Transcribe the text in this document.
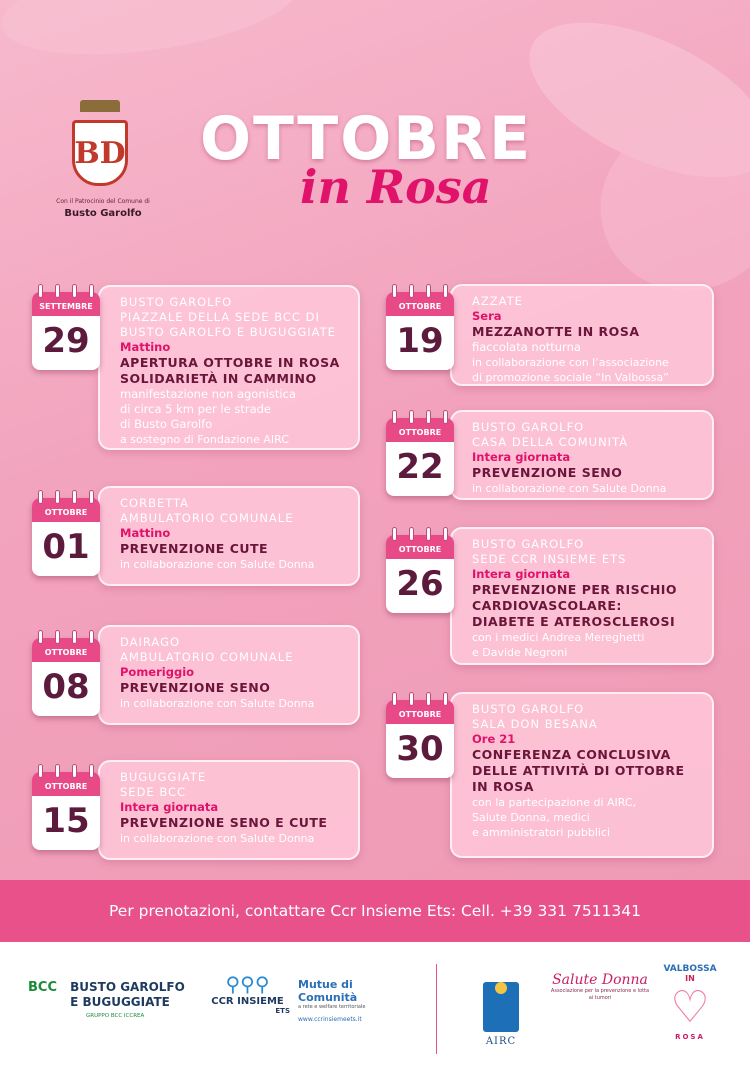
BD
Con il Patrocinio del Comune di
Busto Garolfo
OTTOBRE
in Rosa
BUSTO GAROLFO
PIAZZALE DELLA SEDE BCC DI
BUSTO GAROLFO E BUGUGGIATE
Mattino
APERTURA OTTOBRE IN ROSA
SOLIDARIETÀ IN CAMMINO
manifestazione non agonistica
di circa 5 km per le strade
di Busto Garolfo
a sostegno di Fondazione AIRC
SETTEMBRE
29
CORBETTA
AMBULATORIO COMUNALE
Mattino
PREVENZIONE CUTE
in collaborazione con Salute Donna
OTTOBRE
01
DAIRAGO
AMBULATORIO COMUNALE
Pomeriggio
PREVENZIONE SENO
in collaborazione con Salute Donna
OTTOBRE
08
BUGUGGIATE
SEDE BCC
Intera giornata
PREVENZIONE SENO E CUTE
in collaborazione con Salute Donna
OTTOBRE
15
AZZATE
Sera
MEZZANOTTE IN ROSA
fiaccolata notturna
in collaborazione con l’associazione
di promozione sociale “In Valbossa”
OTTOBRE
19
BUSTO GAROLFO
CASA DELLA COMUNITÀ
Intera giornata
PREVENZIONE SENO
in collaborazione con Salute Donna
OTTOBRE
22
BUSTO GAROLFO
SEDE CCR INSIEME ETS
Intera giornata
PREVENZIONE PER RISCHIO
CARDIOVASCOLARE:
DIABETE E ATEROSCLEROSI
con i medici Andrea Mereghetti
e Davide Negroni
OTTOBRE
26
BUSTO GAROLFO
SALA DON BESANA
Ore 21
CONFERENZA CONCLUSIVA
DELLE ATTIVITÀ DI OTTOBRE
IN ROSA
con la partecipazione di AIRC,
Salute Donna, medici
e amministratori pubblici
OTTOBRE
30
Per prenotazioni, contattare Ccr Insieme Ets: Cell. +39 331 7511341
BCC BUSTO GAROLFO
E BUGUGGIATE
GRUPPO BCC ICCREA
⚲⚲⚲
CCR INSIEME
ETS
Mutue di Comunità
a rete e welfare territoriale
www.ccrinsiemeets.it
AIRC
Salute Donna
Associazione per la prevenzione e lotta ai tumori
VALBOSSA
IN
♡
ROSA
